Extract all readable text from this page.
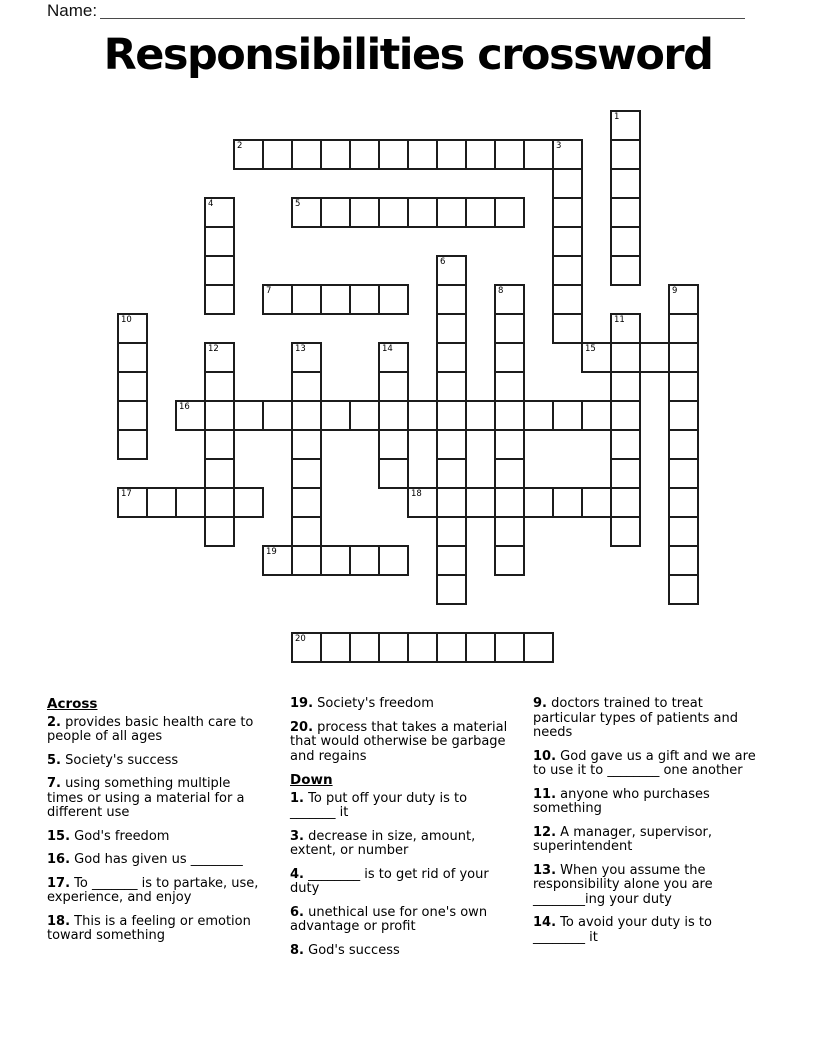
Name:
Responsibilities crossword
1
2	3
4	5
6
7	8	9
10	11
12	13	14	15
16
17	18
19
20
Across
2. provides basic health care to
people of all ages
5. Society's success
7. using something multiple
times or using a material for a
different use
15. God's freedom
16. God has given us ________
17. To _______ is to partake, use,
experience, and enjoy
18. This is a feeling or emotion
toward something
19. Society's freedom
20. process that takes a material
that would otherwise be garbage
and regains
Down
1. To put off your duty is to
_______ it
3. decrease in size, amount,
extent, or number
4. ________ is to get rid of your
duty
6. unethical use for one's own
advantage or profit
8. God's success
9. doctors trained to treat
particular types of patients and
needs
10. God gave us a gift and we are
to use it to ________ one another
11. anyone who purchases
something
12. A manager, supervisor,
superintendent
13. When you assume the
responsibility alone you are
________ing your duty
14. To avoid your duty is to
________ it
